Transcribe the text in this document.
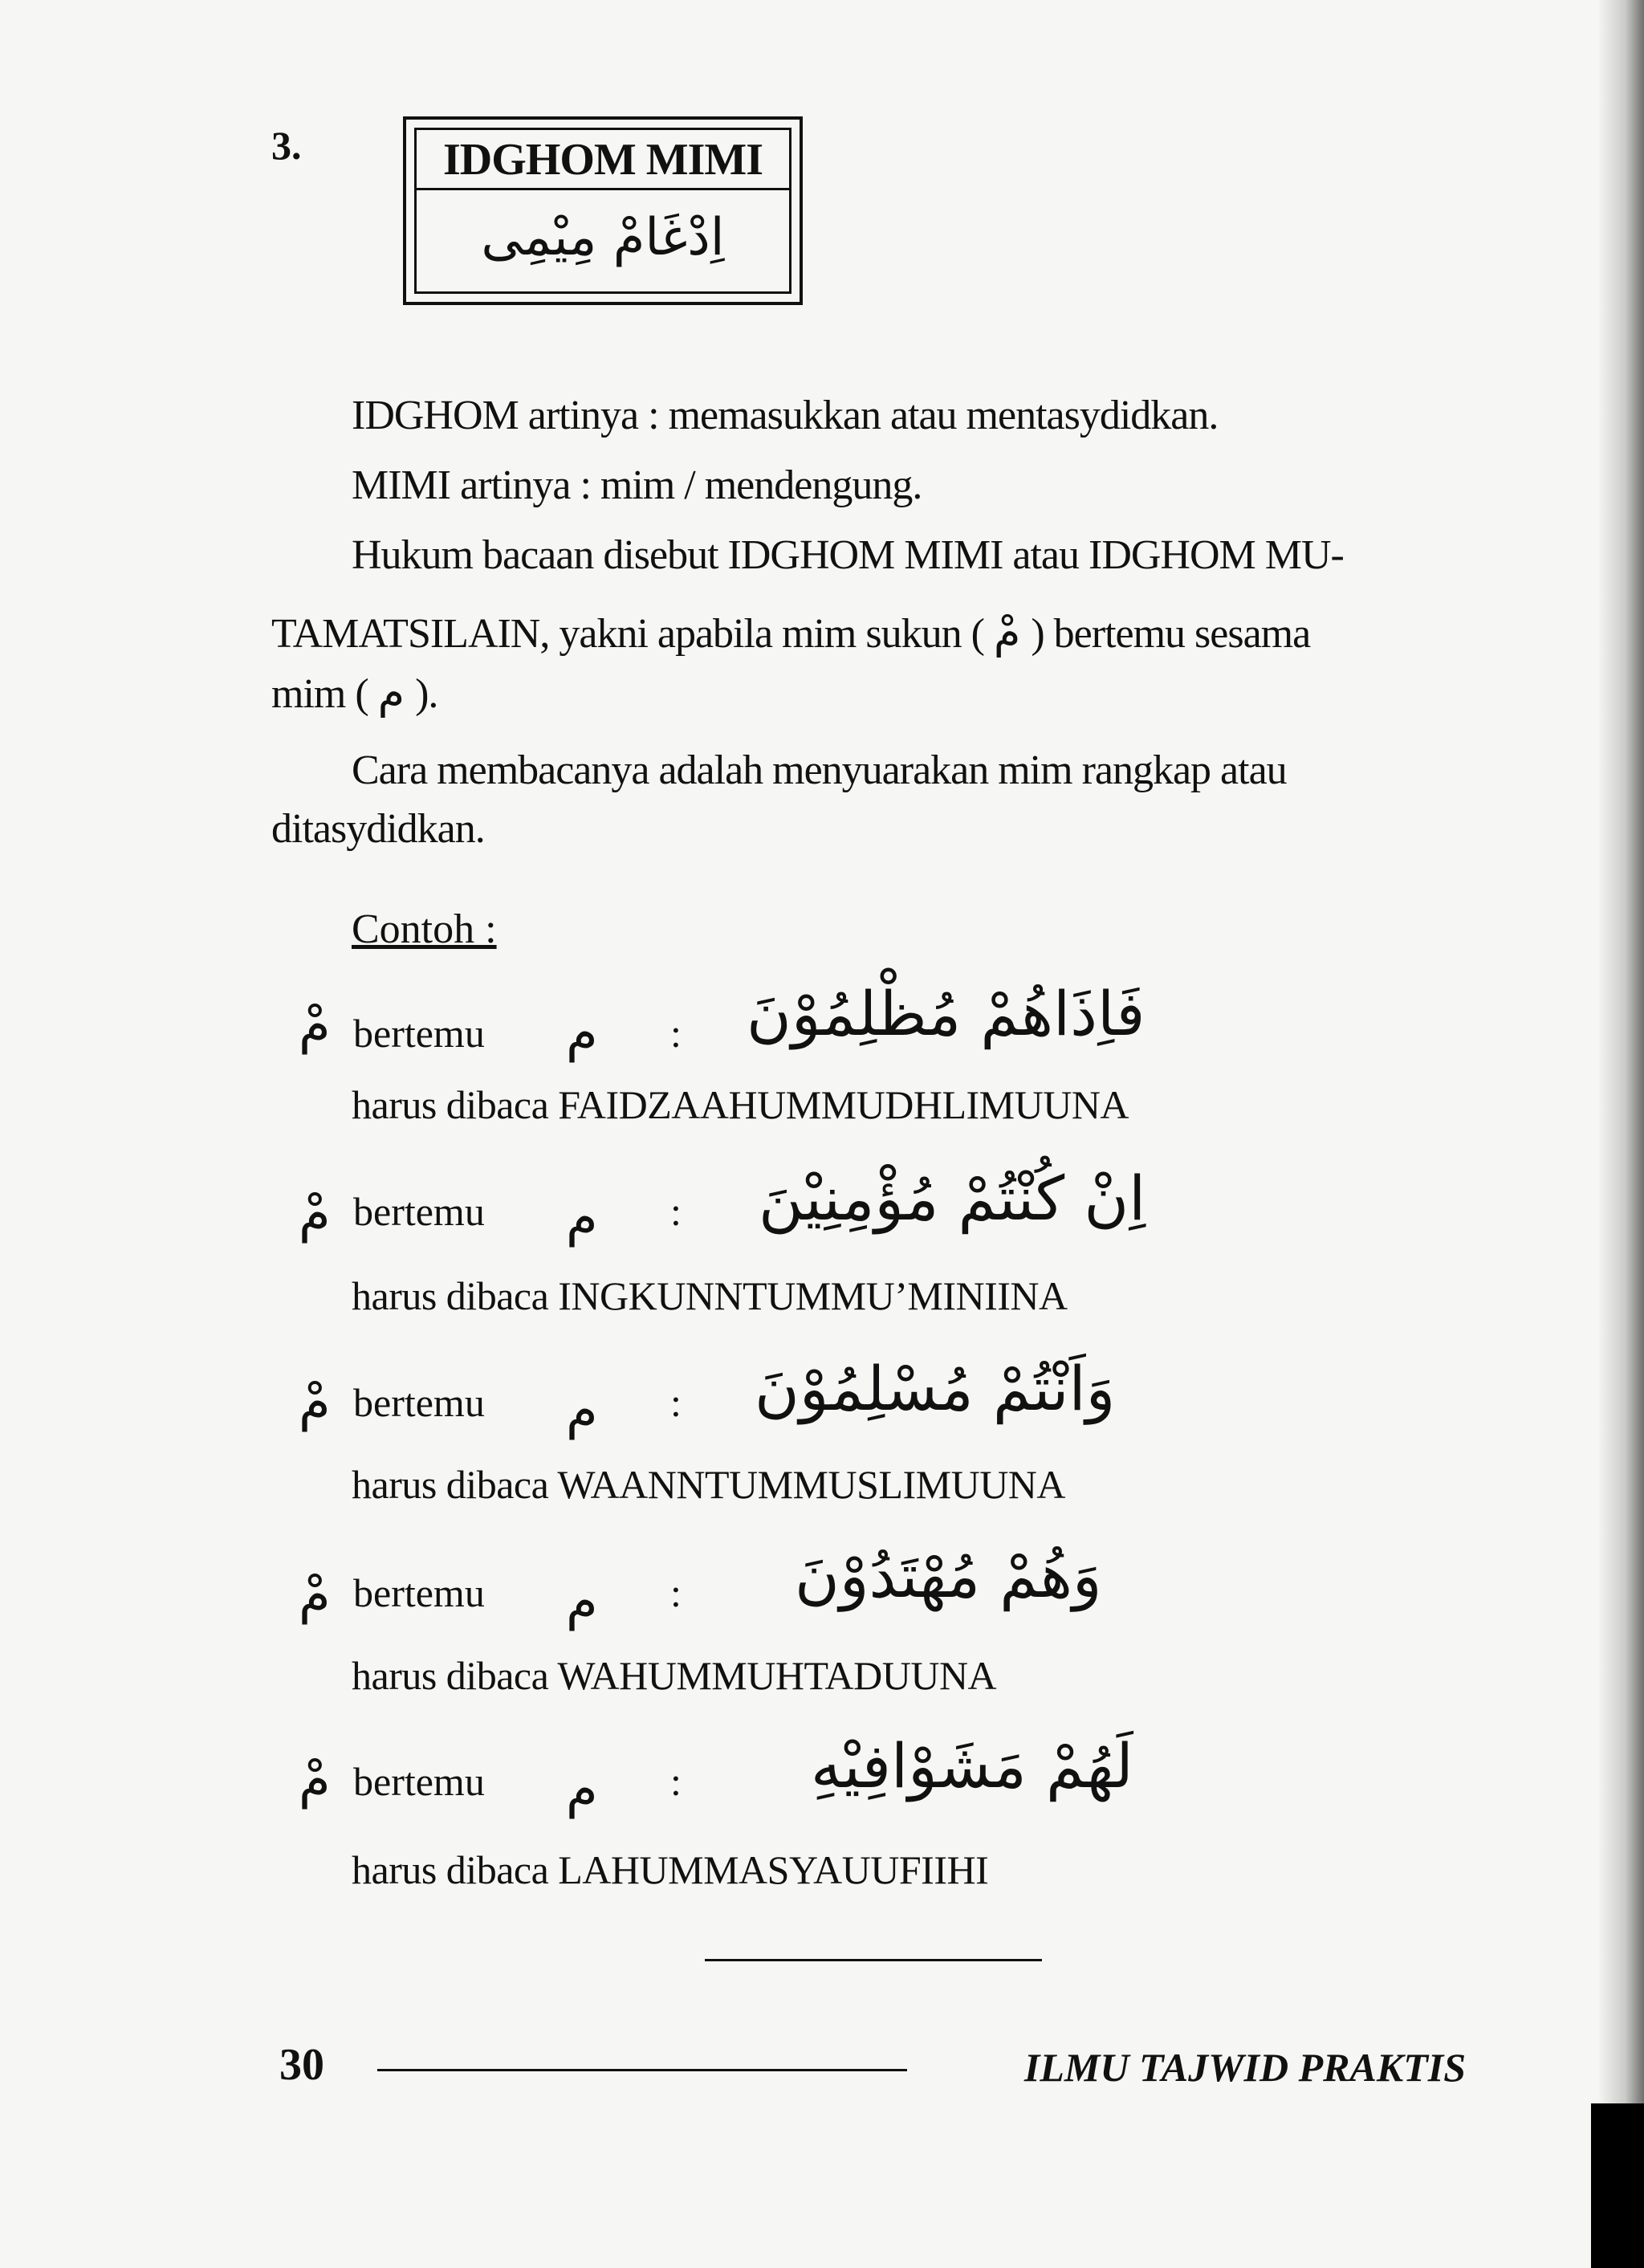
3.	IDGHOM MIMI
اِدْغَامْ مِيْمِى
IDGHOM artinya : memasukkan atau mentasydidkan.
MIMI artinya : mim / mendengung.
Hukum bacaan disebut IDGHOM MIMI atau IDGHOM MU-
TAMATSILAIN, yakni apabila mim sukun ( مْ ) bertemu sesama
mim ( م ).
Cara membacanya adalah menyuarakan mim rangkap atau
ditasydidkan.
Contoh :
مْ bertemu م : فَاِذَاهُمْ مُظْلِمُوْنَ
harus dibaca FAIDZAAHUMMUDHLIMUUNA
مْ bertemu م : اِنْ كُنْتُمْ مُؤْمِنِيْنَ
harus dibaca INGKUNNTUMMU’MINIINA
مْ bertemu م : وَاَنْتُمْ مُسْلِمُوْنَ
harus dibaca WAANNTUMMUSLIMUUNA
مْ bertemu م : وَهُمْ مُهْتَدُوْنَ
harus dibaca WAHUMMUHTADUUNA
مْ bertemu م : لَهُمْ مَشَوْافِيْهِ
harus dibaca LAHUMMASYAUUFIIHI
30	ILMU TAJWID PRAKTIS
